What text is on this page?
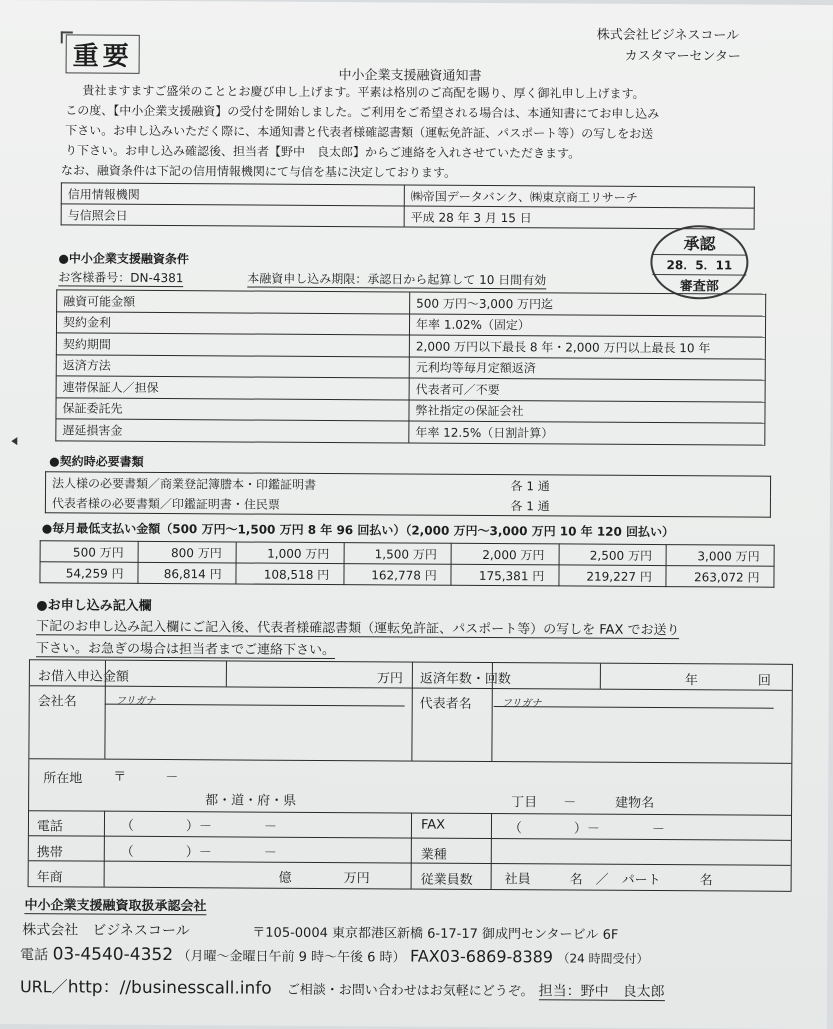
株式会社ビジネスコール
カスタマーセンター
重要
中小企業支援融資通知書
貴社ますますご盛栄のこととお慶び申し上げます。平素は格別のご高配を賜り、厚く御礼申し上げます。
この度、【中小企業支援融資】の受付を開始しました。ご利用をご希望される場合は、本通知書にてお申し込み
下さい。お申し込みいただく際に、本通知書と代表者様確認書類（運転免許証、パスポート等）の写しをお送
り下さい。お申し込み確認後、担当者【野中　良太郎】からご連絡を入れさせていただきます。
なお、融資条件は下記の信用情報機関にて与信を基に決定しております。
信用情報機関	㈱帝国データバンク、㈱東京商工リサーチ
与信照会日	平成 28 年 3 月 15 日
承認
28．5．11
審査部
●中小企業支援融資条件
お客様番号：DN-4381	本融資申し込み期限：承認日から起算して 10 日間有効
融資可能金額	500 万円～3,000 万円迄
契約金利	年率 1.02%（固定）
契約期間	2,000 万円以下最長 8 年・2,000 万円以上最長 10 年
返済方法	元利均等毎月定額返済
連帯保証人／担保	代表者可／不要
保証委託先	弊社指定の保証会社
遅延損害金	年率 12.5%（日割計算）
●契約時必要書類
法人様の必要書類／商業登記簿謄本・印鑑証明書	各 1 通

代表者様の必要書類／印鑑証明書・住民票	各 1 通
●毎月最低支払い金額（500 万円～1,500 万円 8 年 96 回払い）（2,000 万円～3,000 万円 10 年 120 回払い）
500 万円	800 万円	1,000 万円	1,500 万円	2,000 万円	2,500 万円	3,000 万円
54,259 円	86,814 円	108,518 円	162,778 円	175,381 円	219,227 円	263,072 円
●お申し込み記入欄
下記のお申し込み記入欄にご記入後、代表者様確認書類（運転免許証、パスポート等）の写しを FAX でお送り
下さい。お急ぎの場合は担当者までご連絡下さい。
お借入申込金額	万円 返済年数・回数	年	回
会社名	フリガナ	代表者名	フリガナ
所在地 〒　　　－
都・道・府・県	丁目　　－　　　建物名
電話	（　　　　）－　　　　－	FAX	（　　　　）－　　　　－
携帯	（　　　　）－　　　　－	業種
年商	億　　　　万円	従業員数 社員　　　名　／　パート　　　名
中小企業支援融資取扱承認会社
株式会社　ビジネスコール	〒105-0004 東京都港区新橋 6-17-17 御成門センタービル 6F
電話 03-4540-4352 （月曜～金曜日午前 9 時～午後 6 時） FAX03-6869-8389 （24 時間受付）
URL／http：//businesscall.info ご相談・お問い合わせはお気軽にどうぞ。 担当：野中　良太郎
